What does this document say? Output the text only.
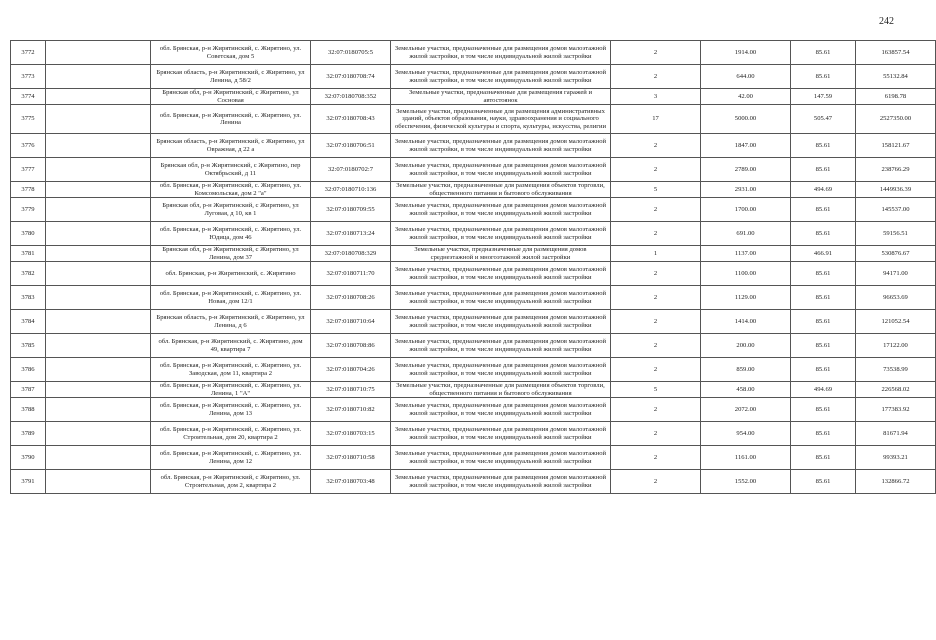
242
3772		обл. Брянская, р-н Жирятинский, с. Жирятино, ул. Советская, дом 5	32:07:0180705:5	Земельные участки, предназначенные для размещения домов малоэтажной жилой застройки, в том числе индивидуальной жилой застройки	2	1914.00	85.61	163857.54
3773		Брянская область, р-н Жирятинский, с Жирятино, ул Ленина, д 58/2	32:07:0180708:74	Земельные участки, предназначенные для размещения домов малоэтажной жилой застройки, в том числе индивидуальной жилой застройки	2	644.00	85.61	55132.84
3774		Брянская обл, р-н Жирятинский, с Жирятино, ул Сосновая	32:07:0180708:352	Земельные участки, предназначенные для размещения гаражей и автостоянок	3	42.00	147.59	6198.78
3775		обл. Брянская, р-н Жирятинский, с. Жирятино, ул. Ленина	32:07:0180708:43	Земельные участки, предназначенные для размещения административных зданий, объектов образования, науки, здравоохранения и социального обеспечения, физической культуры и спорта, культуры, искусства, религии	17	5000.00	505.47	2527350.00
3776		Брянская область, р-н Жирятинский, с Жирятино, ул Овражная, д 22 а	32:07:0180706:51	Земельные участки, предназначенные для размещения домов малоэтажной жилой застройки, в том числе индивидуальной жилой застройки	2	1847.00	85.61	158121.67
3777		Брянская обл, р-н Жирятинский, с Жирятино, пер Октябрьский, д 11	32:07:0180702:7	Земельные участки, предназначенные для размещения домов малоэтажной жилой застройки, в том числе индивидуальной жилой застройки	2	2789.00	85.61	238766.29
3778		обл. Брянская, р-н Жирятинский, с. Жирятино, ул. Комсомольская, дом 2 "а"	32:07:0180710:136	Земельные участки, предназначенные для размещения объектов торговли, общественного питания и бытового обслуживания	5	2931.00	494.69	1449936.39
3779		Брянская обл, р-н Жирятинский, с Жирятино, ул Луговая, д 10, кв 1	32:07:0180709:55	Земельные участки, предназначенные для размещения домов малоэтажной жилой застройки, в том числе индивидуальной жилой застройки	2	1700.00	85.61	145537.00
3780		обл. Брянская, р-н Жирятинский, с. Жирятино, ул. Юдица, дом 46	32:07:0180713:24	Земельные участки, предназначенные для размещения домов малоэтажной жилой застройки, в том числе индивидуальной жилой застройки	2	691.00	85.61	59156.51
3781		Брянская обл, р-н Жирятинский, с Жирятино, ул Ленина, дом 37	32:07:0180708:329	Земельные участки, предназначенные для размещения домов среднеэтажной и многоэтажной жилой застройки	1	1137.00	466.91	530876.67
3782		обл. Брянская, р-н Жирятинский, с. Жирятино	32:07:0180711:70	Земельные участки, предназначенные для размещения домов малоэтажной жилой застройки, в том числе индивидуальной жилой застройки	2	1100.00	85.61	94171.00
3783		обл. Брянская, р-н Жирятинский, с. Жирятино, ул. Новая, дом 12/1	32:07:0180708:26	Земельные участки, предназначенные для размещения домов малоэтажной жилой застройки, в том числе индивидуальной жилой застройки	2	1129.00	85.61	96653.69
3784		Брянская область, р-н Жирятинский, с Жирятино, ул Ленина, д 6	32:07:0180710:64	Земельные участки, предназначенные для размещения домов малоэтажной жилой застройки, в том числе индивидуальной жилой застройки	2	1414.00	85.61	121052.54
3785		обл. Брянская, р-н Жирятинский, с. Жирятино, дом 49, квартира 7	32:07:0180708:86	Земельные участки, предназначенные для размещения домов малоэтажной жилой застройки, в том числе индивидуальной жилой застройки	2	200.00	85.61	17122.00
3786		обл. Брянская, р-н Жирятинский, с. Жирятино, ул. Заводская, дом 11, квартира 2	32:07:0180704:26	Земельные участки, предназначенные для размещения домов малоэтажной жилой застройки, в том числе индивидуальной жилой застройки	2	859.00	85.61	73538.99
3787		обл. Брянская, р-н Жирятинский, с. Жирятино, ул. Ленина, 1 "А"	32:07:0180710:75	Земельные участки, предназначенные для размещения объектов торговли, общественного питания и бытового обслуживания	5	458.00	494.69	226568.02
3788		обл. Брянская, р-н Жирятинский, с. Жирятино, ул. Ленина, дом 13	32:07:0180710:82	Земельные участки, предназначенные для размещения домов малоэтажной жилой застройки, в том числе индивидуальной жилой застройки	2	2072.00	85.61	177383.92
3789		обл. Брянская, р-н Жирятинский, с. Жирятино, ул. Строительная, дом 20, квартира 2	32:07:0180703:15	Земельные участки, предназначенные для размещения домов малоэтажной жилой застройки, в том числе индивидуальной жилой застройки	2	954.00	85.61	81671.94
3790		обл. Брянская, р-н Жирятинский, с. Жирятино, ул. Ленина, дом 12	32:07:0180710:58	Земельные участки, предназначенные для размещения домов малоэтажной жилой застройки, в том числе индивидуальной жилой застройки	2	1161.00	85.61	99393.21
3791		обл. Брянская, р-н Жирятинский, с Жирятино, ул. Строительная, дом 2, квартира 2	32:07:0180703:48	Земельные участки, предназначенные для размещения домов малоэтажной жилой застройки, в том числе индивидуальной жилой застройки	2	1552.00	85.61	132866.72
